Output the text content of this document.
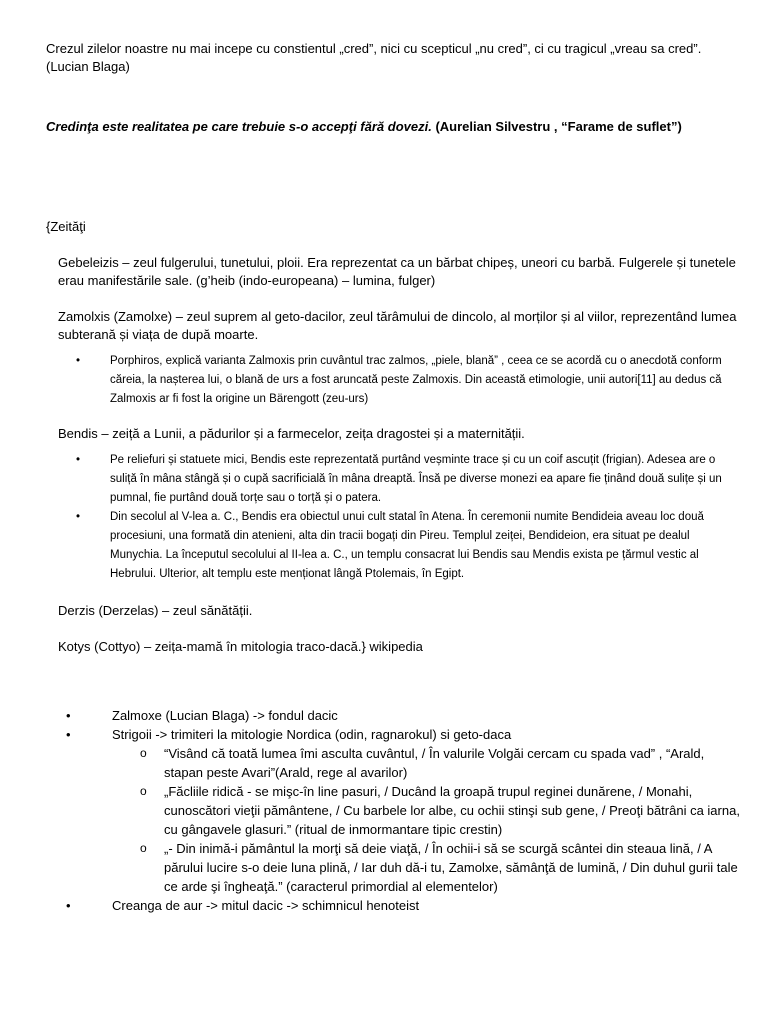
Crezul zilelor noastre nu mai incepe cu constientul „cred”, nici cu scepticul „nu cred”, ci cu tragicul „vreau sa cred”. (Lucian Blaga)

Credinţa este realitatea pe care trebuie s-o accepţi fără dovezi. (Aurelian Silvestru , “Farame de suflet”)

{Zeităţi

Gebeleizis – zeul fulgerului, tunetului, ploii. Era reprezentat ca un bărbat chipeș, uneori cu barbă. Fulgerele și tunetele erau manifestările sale. (g’heib (indo-europeana) – lumina, fulger)

Zamolxis (Zamolxe) – zeul suprem al geto-dacilor, zeul tărâmului de dincolo, al morților și al viilor, reprezentând lumea subterană și viața de după moarte.

• Porphiros, explică varianta Zalmoxis prin cuvântul trac zalmos, „piele, blană” , ceea ce se acordă cu o anecdotă conform căreia, la nașterea lui, o blană de urs a fost aruncată peste Zalmoxis. Din această etimologie, unii autori[11] au dedus că Zalmoxis ar fi fost la origine un Bärengott (zeu-urs)

Bendis – zeiță a Lunii, a pădurilor și a farmecelor, zeița dragostei și a maternității.

• Pe reliefuri și statuete mici, Bendis este reprezentată purtând veșminte trace și cu un coif ascuțit (frigian). Adesea are o suliță în mâna stângă și o cupă sacrificială în mâna dreaptă. Însă pe diverse monezi ea apare fie ținând două sulițe și un pumnal, fie purtând două torțe sau o torță și o patera.
• Din secolul al V-lea a. C., Bendis era obiectul unui cult statal în Atena. În ceremonii numite Bendideia aveau loc două procesiuni, una formată din atenieni, alta din tracii bogați din Pireu. Templul zeiței, Bendideion, era situat pe dealul Munychia. La începutul secolului al II-lea a. C., un templu consacrat lui Bendis sau Mendis exista pe țărmul vestic al Hebrului. Ulterior, alt templu este menționat lângă Ptolemais, în Egipt.

Derzis (Derzelas) – zeul sănătății.

Kotys (Cottyo) – zeița-mamă în mitologia traco-dacă.} wikipedia

• Zalmoxe (Lucian Blaga) -> fondul dacic
• Strigoii -> trimiteri la mitologie Nordica (odin, ragnarokul) si geto-daca
o “Visând că toată lumea îmi asculta cuvântul, / În valurile Volgăi cercam cu spada vad” , “Arald, stapan peste Avari”(Arald, rege al avarilor)
o „Făcliile ridică - se mişc-în line pasuri, / Ducând la groapă trupul reginei dunărene, / Monahi, cunoscători vieţii pământene, / Cu barbele lor albe, cu ochii stinşi sub gene, / Preoţi bătrâni ca iarna, cu gângavele glasuri.” (ritual de inmormantare tipic crestin)
o „- Din inimă-i pământul la morţi să deie viaţă, / În ochii-i să se scurgă scântei din steaua lină, / A părului lucire s-o deie luna plină, / Iar duh dă-i tu, Zamolxe, sămânţă de lumină, / Din duhul gurii tale ce arde şi îngheaţă.” (caracterul primordial al elementelor)
• Creanga de aur -> mitul dacic -> schimnicul henoteist
